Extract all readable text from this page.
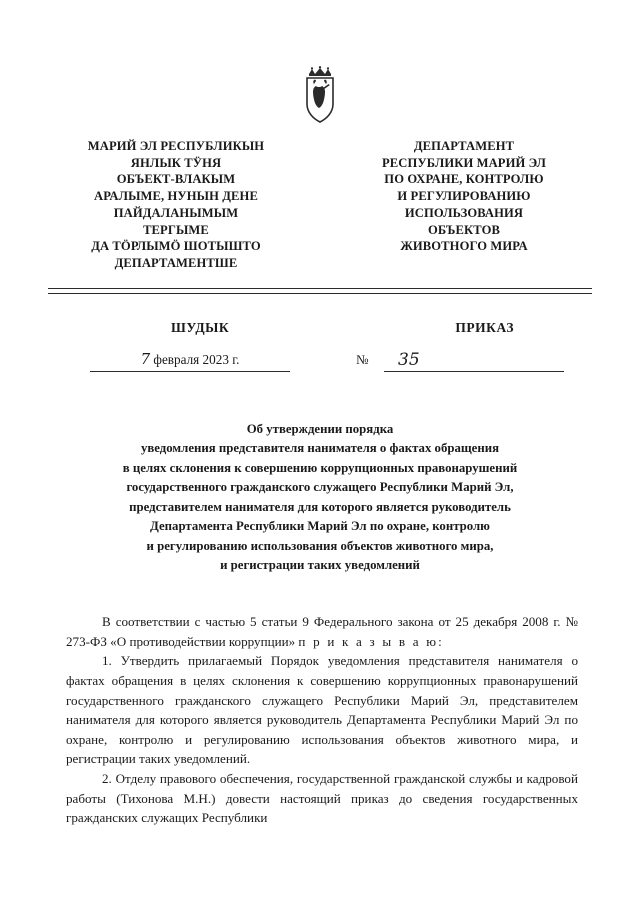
МАРИЙ ЭЛ РЕСПУБЛИКЫН
ЯНЛЫК ТӰНЯ
ОБЪЕКТ-ВЛАКЫМ
АРАЛЫМЕ, НУНЫН ДЕНЕ
ПАЙДАЛАНЫМЫМ
ТЕРГЫМЕ
ДА ТӦРЛЫМӦ ШОТЫШТО
ДЕПАРТАМЕНТШЕ
ДЕПАРТАМЕНТ
РЕСПУБЛИКИ МАРИЙ ЭЛ
ПО ОХРАНЕ, КОНТРОЛЮ
И РЕГУЛИРОВАНИЮ
ИСПОЛЬЗОВАНИЯ
ОБЪЕКТОВ
ЖИВОТНОГО МИРА
ШУДЫК	ПРИКАЗ
7 февраля 2023 г.	№	35
Об утверждении порядка
уведомления представителя нанимателя о фактах обращения
в целях склонения к совершению коррупционных правонарушений
государственного гражданского служащего Республики Марий Эл,
представителем нанимателя для которого является руководитель
Департамента Республики Марий Эл по охране, контролю
и регулированию использования объектов животного мира,
и регистрации таких уведомлений

В соответствии с частью 5 статьи 9 Федерального закона от 25 декабря 2008 г. № 273-ФЗ «О противодействии коррупции» п р и к а з ы в а ю:

1. Утвердить прилагаемый Порядок уведомления представителя нанимателя о фактах обращения в целях склонения к совершению коррупционных правонарушений государственного гражданского служащего Республики Марий Эл, представителем нанимателя для которого является руководитель Департамента Республики Марий Эл по охране, контролю и регулированию использования объектов животного мира, и регистрации таких уведомлений.

2. Отделу правового обеспечения, государственной гражданской службы и кадровой работы (Тихонова М.Н.) довести настоящий приказ до сведения государственных гражданских служащих Республики
